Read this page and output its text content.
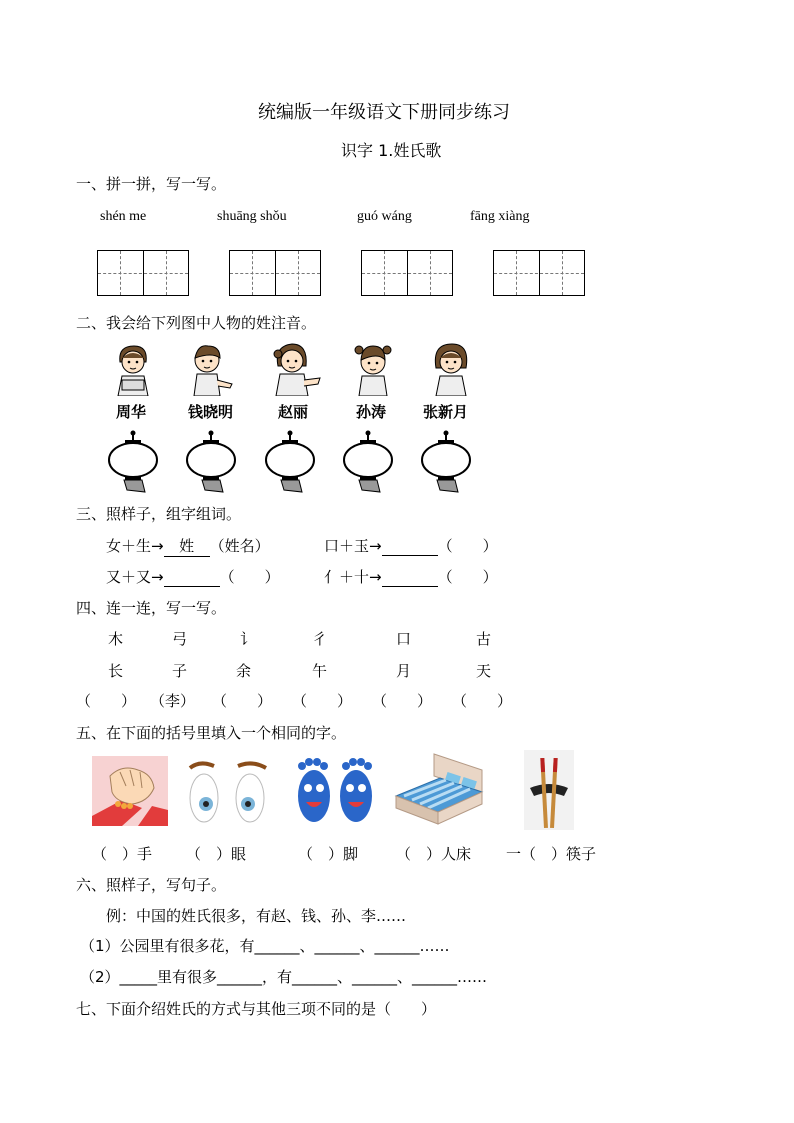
统编版一年级语文下册同步练习
识字 1.姓氏歌
一、拼一拼，写一写。
shén me	shuāng shǒu	guó wáng	fāng xiàng
二、我会给下列图中人物的姓注音。
周华	钱晓明	赵丽	孙涛 张新月
三、照样子，组字组词。
女＋生→ 姓 （姓名）	口＋玉→	（　　）
又＋又→	（　　）	亻＋十→	（　　）
四、连一连，写一写。
木	弓	讠	彳	口	古
长	子	余	午	月	天
（　　） （李） （　　） （　　） （　　） （　　）
五、在下面的括号里填入一个相同的字。
（　）手 （　）眼	（　）脚	（　）人床 一（　）筷子
六、照样子，写句子。
例：中国的姓氏很多，有赵、钱、孙、李……
（1）公园里有很多花，有______、______、______……
（2）_____里有很多______，有______、______、______……
七、下面介绍姓氏的方式与其他三项不同的是（　　）
